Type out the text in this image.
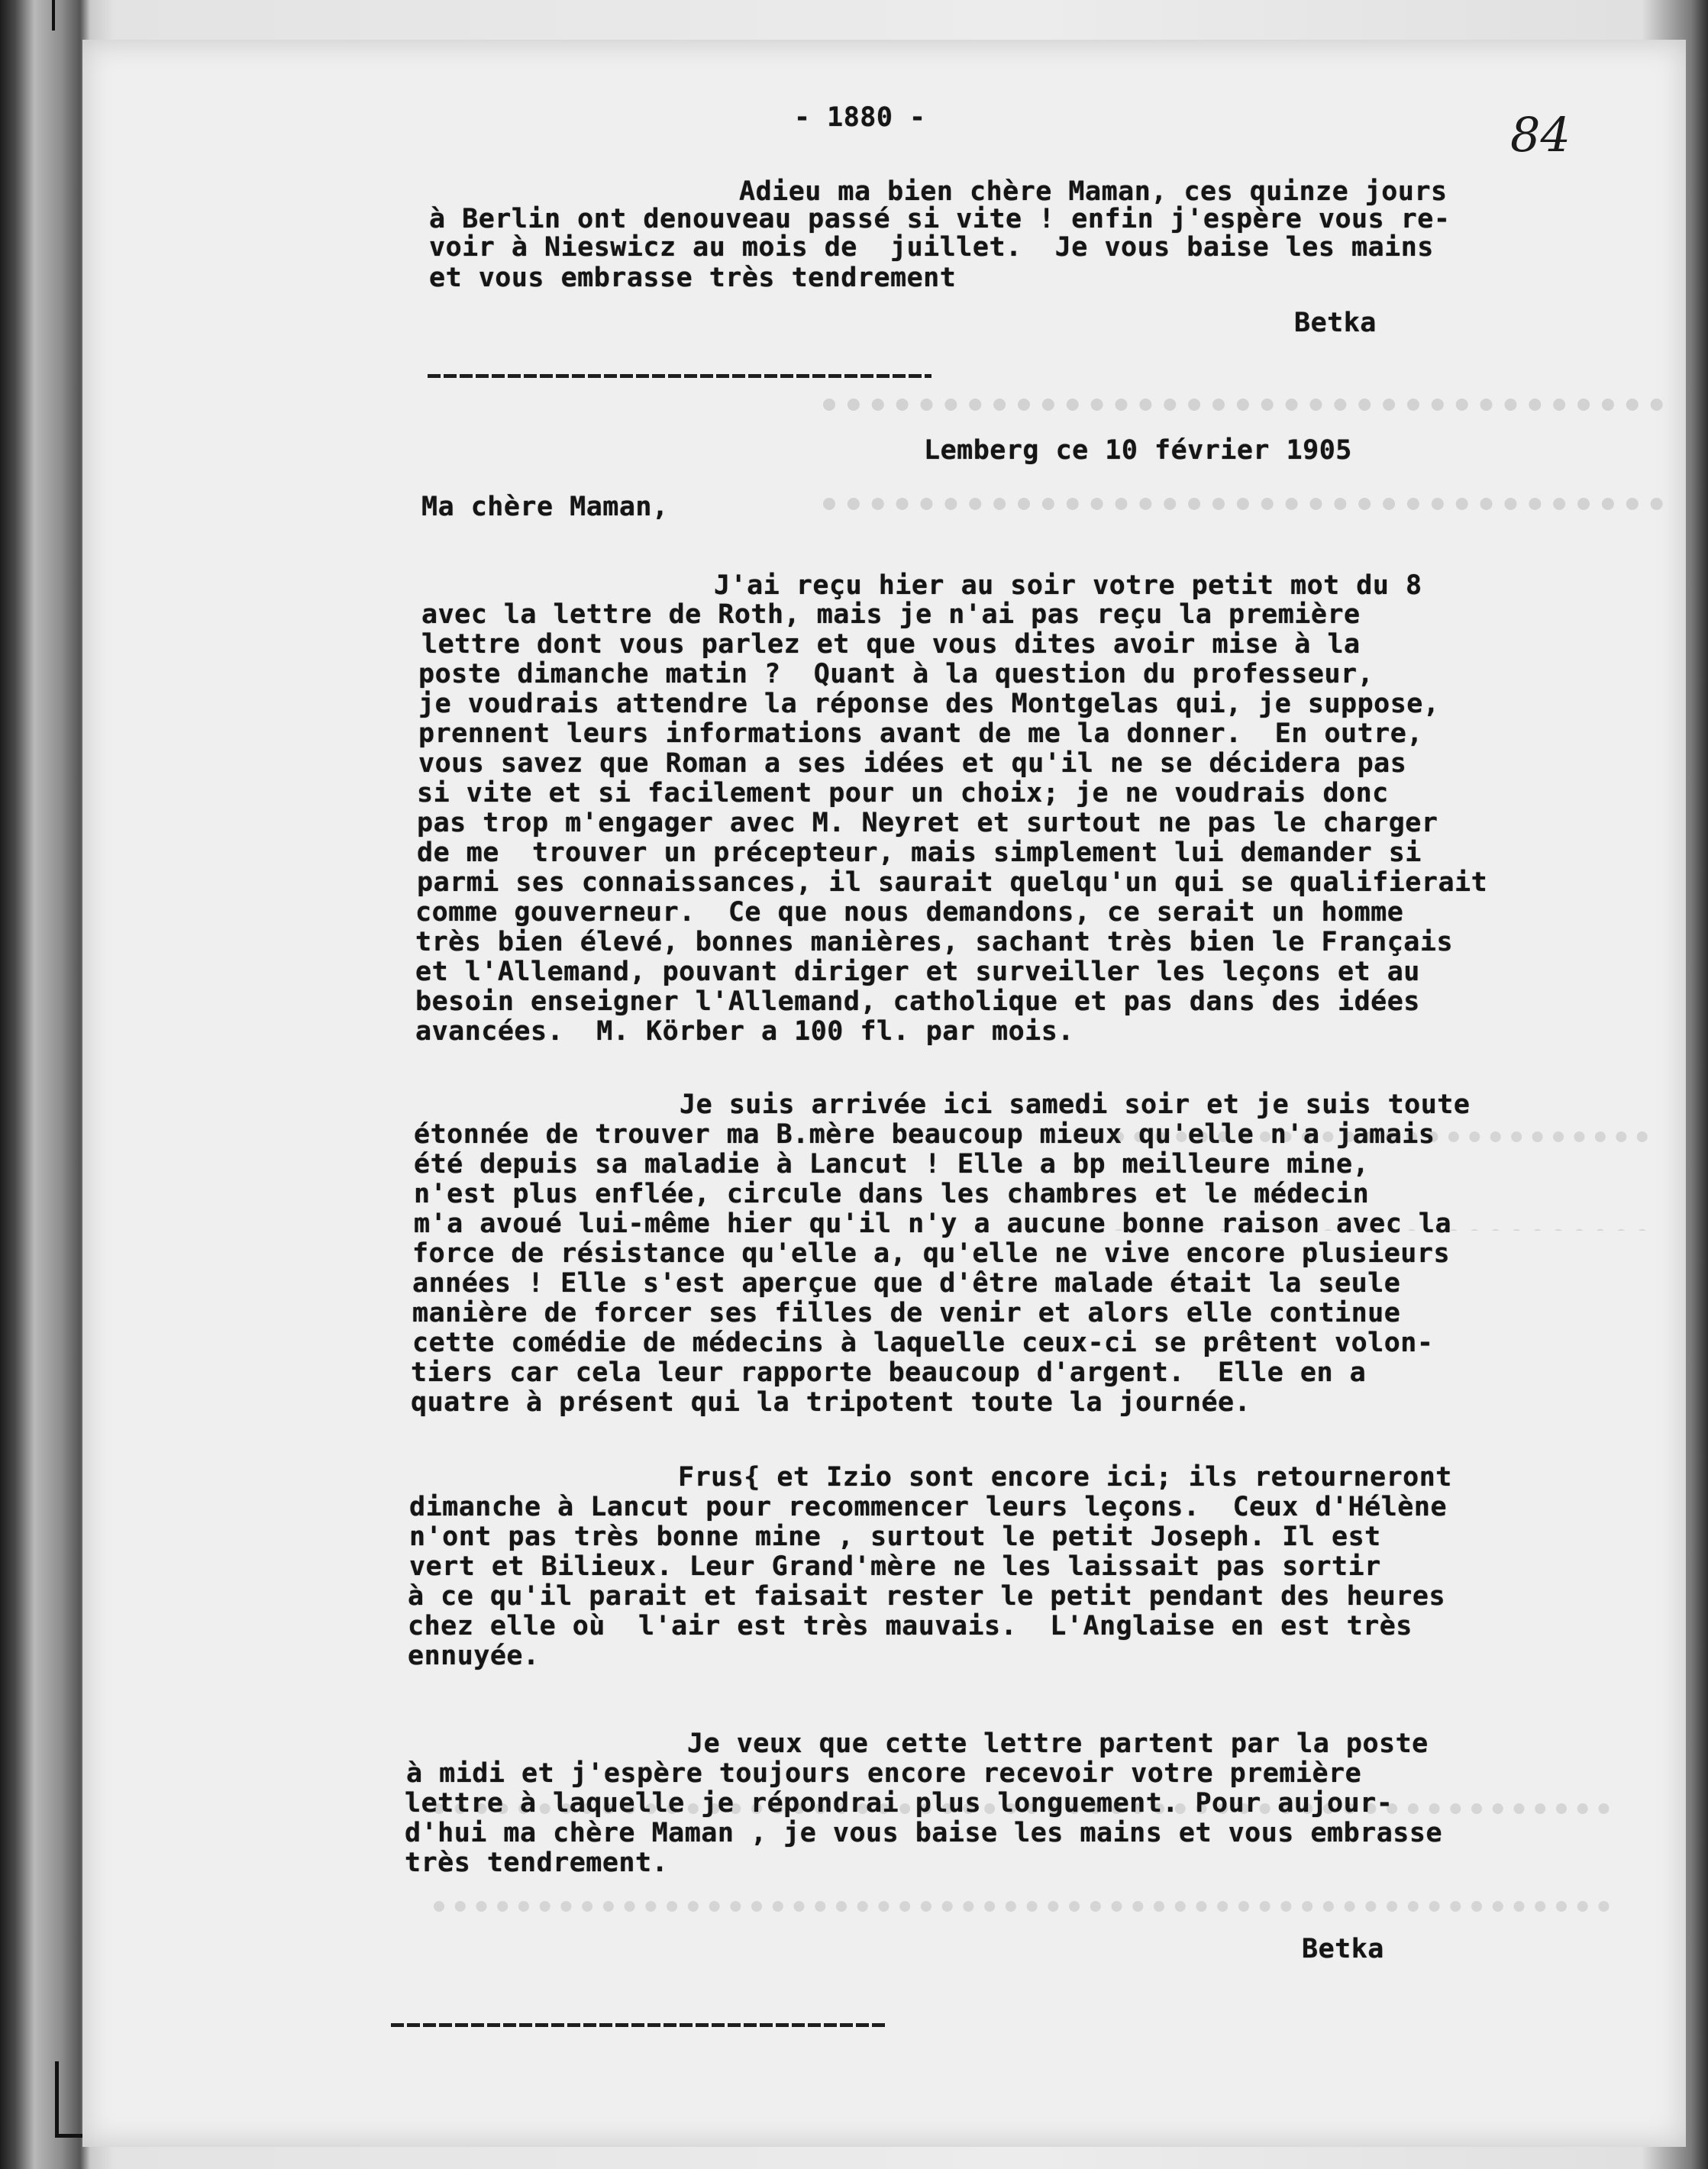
- 1880 -	84
Adieu ma bien chère Maman, ces quinze jours
à Berlin ont denouveau passé si vite ! enfin j'espère vous re-
voir à Nieswicz au mois de  juillet.  Je vous baise les mains
et vous embrasse très tendrement
Betka
Lemberg ce 10 février 1905
Ma chère Maman,
J'ai reçu hier au soir votre petit mot du 8
avec la lettre de Roth, mais je n'ai pas reçu la première
lettre dont vous parlez et que vous dites avoir mise à la
poste dimanche matin ?  Quant à la question du professeur,
je voudrais attendre la réponse des Montgelas qui, je suppose,
prennent leurs informations avant de me la donner.  En outre,
vous savez que Roman a ses idées et qu'il ne se décidera pas
si vite et si facilement pour un choix; je ne voudrais donc
pas trop m'engager avec M. Neyret et surtout ne pas le charger
de me  trouver un précepteur, mais simplement lui demander si
parmi ses connaissances, il saurait quelqu'un qui se qualifierait
comme gouverneur.  Ce que nous demandons, ce serait un homme
très bien élevé, bonnes manières, sachant très bien le Français
et l'Allemand, pouvant diriger et surveiller les leçons et au
besoin enseigner l'Allemand, catholique et pas dans des idées
avancées.  M. Körber a 100 fl. par mois.
Je suis arrivée ici samedi soir et je suis toute
étonnée de trouver ma B.mère beaucoup mieux qu'elle n'a jamais
été depuis sa maladie à Lancut ! Elle a bp meilleure mine,
n'est plus enflée, circule dans les chambres et le médecin
m'a avoué lui-même hier qu'il n'y a aucune bonne raison avec la
force de résistance qu'elle a, qu'elle ne vive encore plusieurs
années ! Elle s'est aperçue que d'être malade était la seule
manière de forcer ses filles de venir et alors elle continue
cette comédie de médecins à laquelle ceux-ci se prêtent volon-
tiers car cela leur rapporte beaucoup d'argent.  Elle en a
quatre à présent qui la tripotent toute la journée.
Frus{ et Izio sont encore ici; ils retourneront
dimanche à Lancut pour recommencer leurs leçons.  Ceux d'Hélène
n'ont pas très bonne mine , surtout le petit Joseph. Il est
vert et Bilieux. Leur Grand'mère ne les laissait pas sortir
à ce qu'il parait et faisait rester le petit pendant des heures
chez elle où  l'air est très mauvais.  L'Anglaise en est très
ennuyée.
Je veux que cette lettre partent par la poste
à midi et j'espère toujours encore recevoir votre première
lettre à laquelle je répondrai plus longuement. Pour aujour-
d'hui ma chère Maman , je vous baise les mains et vous embrasse
très tendrement.
Betka
